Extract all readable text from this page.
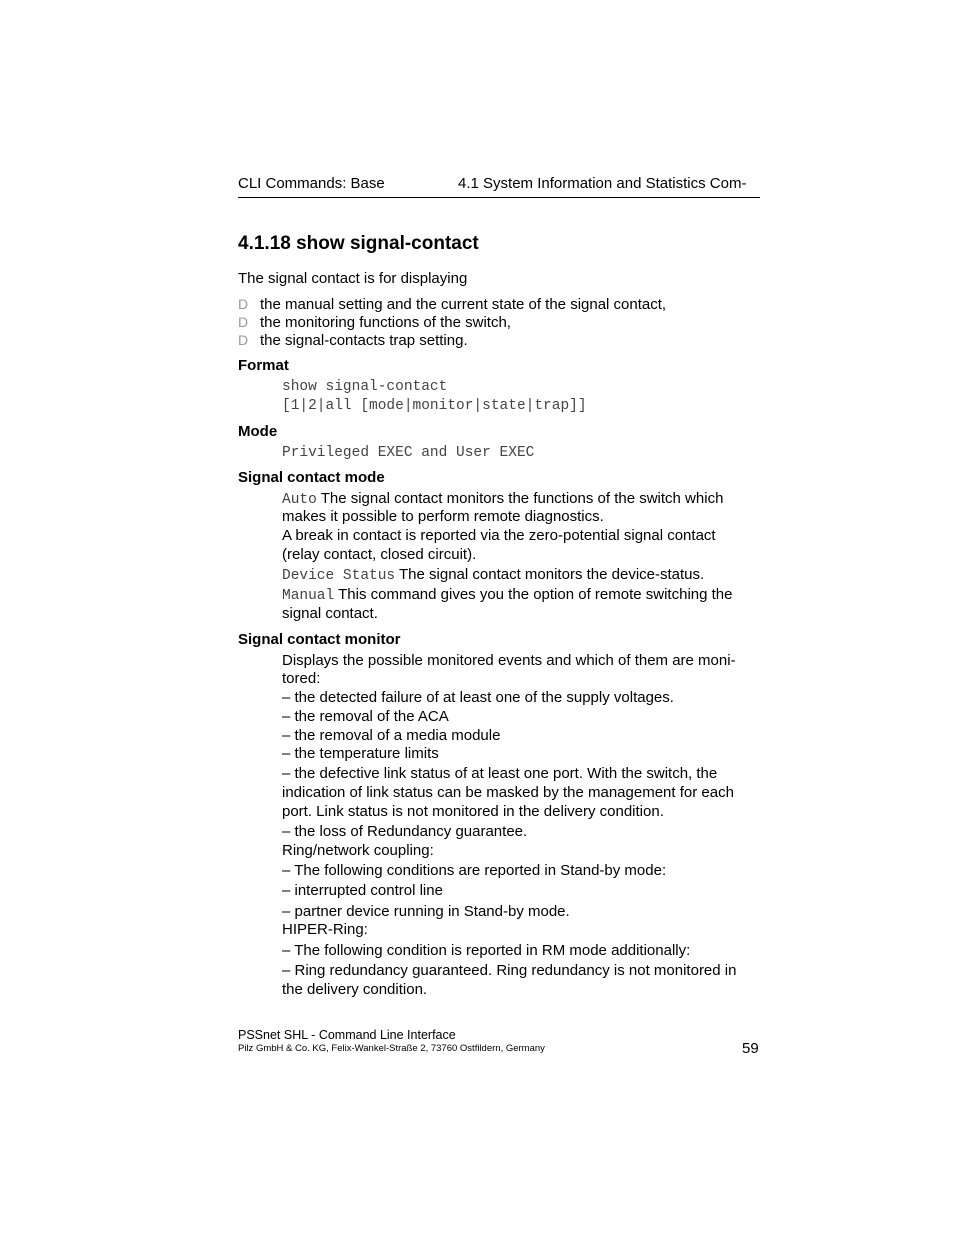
CLI Commands: Base	4.1 System Information and Statistics Com-
4.1.18 show signal-contact
The signal contact is for displaying
D the manual setting and the current state of the signal contact,
D the monitoring functions of the switch,
D the signal-contacts trap setting.
Format
show signal-contact
[1|2|all [mode|monitor|state|trap]]
Mode
Privileged EXEC and User EXEC
Signal contact mode
Auto The signal contact monitors the functions of the switch which
makes it possible to perform remote diagnostics.
A break in contact is reported via the zero-potential signal contact
(relay contact, closed circuit).
Device Status The signal contact monitors the device-status.
Manual This command gives you the option of remote switching the
signal contact.
Signal contact monitor
Displays the possible monitored events and which of them are moni-
tored:
– the detected failure of at least one of the supply voltages.
– the removal of the ACA
– the removal of a media module
– the temperature limits
– the defective link status of at least one port. With the switch, the
indication of link status can be masked by the management for each
port. Link status is not monitored in the delivery condition.
– the loss of Redundancy guarantee.
Ring/network coupling:
– The following conditions are reported in Stand-by mode:
– interrupted control line
– partner device running in Stand-by mode.
HIPER-Ring:
– The following condition is reported in RM mode additionally:
– Ring redundancy guaranteed. Ring redundancy is not monitored in
the delivery condition.
PSSnet SHL - Command Line Interface
Pilz GmbH & Co. KG, Felix-Wankel-Straße 2, 73760 Ostfildern, Germany	59
